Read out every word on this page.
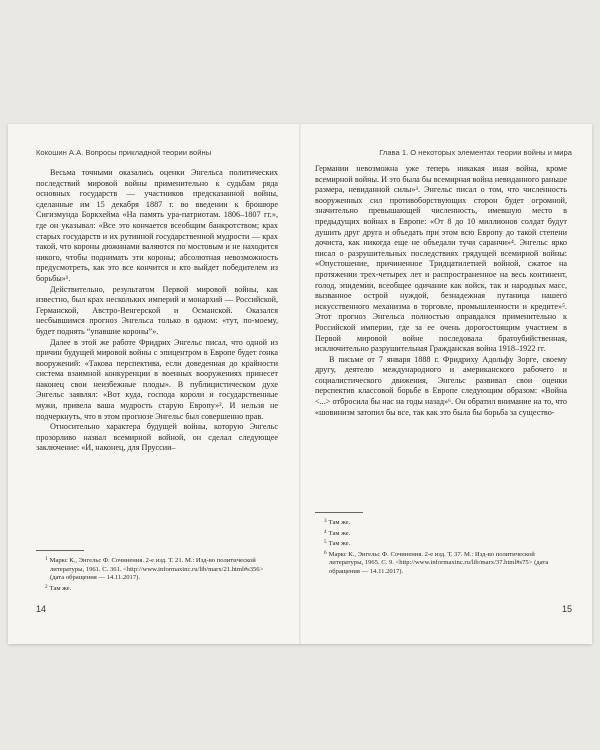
Кокошин А.А. Вопросы прикладной теории войны

Весьма точными оказались оценки Энгельса политических последствий мировой войны применительно к судьбам ряда основных государств — участников предсказанной войны, сделанные им 15 декабря 1887 г. во введении к брошюре Сигизмунда Боркхейма «На память ура-патриотам. 1806–1807 гг.», где он указывал: «Все это кончается всеобщим банкротством; крах старых государств и их рутинной государственной мудрости — крах такой, что короны дюжинами валяются по мостовым и не находится никого, чтобы поднимать эти короны; абсолютная невозможность предусмотреть, как это все кончится и кто выйдет победителем из борьбы»¹.

Действительно, результатом Первой мировой войны, как известно, был крах нескольких империй и монархий — Российской, Германской, Австро-Венгерской и Османской. Оказался несбывшимся прогноз Энгельса только в одном: «тут, по-моему, будет поднять “упавшие короны”».

Далее в этой же работе Фридрих Энгельс писал, что одной из причин будущей мировой войны с эпицентром в Европе будет гонка вооружений: «Такова перспектива, если доведенная до крайности система взаимной конкуренции в военных вооружениях принесет наконец свои неизбежные плоды». В публицистическом духе Энгельс заявлял: «Вот куда, господа короли и государственные мужи, привела ваша мудрость старую Европу»². И нельзя не подчеркнуть, что в этом прогнозе Энгельс был совершенно прав.

Относительно характера будущей войны, которую Энгельс прозорливо назвал всемирной войной, он сделал следующее заключение: «И, наконец, для Пруссии–

$^1$ Маркс К., Энгельс Ф. Сочинения. 2-е изд. Т. 21. М.: Изд-во политической литературы, 1961. С. 361. <http://www.informaxinc.ru/lib/marx/21.html#s356> (дата обращения — 14.11.2017).

$^2$ Там же.

14
Глава 1. О некоторых элементах теории войны и мира

Германии невозможна уже теперь никакая иная война, кроме всемирной войны. И это была бы всемирная война невиданного раньше размера, невиданной силы»³. Энгельс писал о том, что численность вооруженных сил противоборствующих сторон будет огромной, значительно превышающей численность, имевшую место в предыдущих войнах в Европе: «От 8 до 10 миллионов солдат будут душить друг друга и объедать при этом всю Европу до такой степени дочиста, как никогда еще не объедали тучи саранчи»⁴. Энгельс ярко писал о разрушительных последствиях грядущей всемирной войны: «Опустошение, причиненное Тридцатилетней войной, сжатое на протяжении трех-четырех лет и распространенное на весь континент, голод, эпидемии, всеобщее одичание как войск, так и народных масс, вызванное острой нуждой, безнадежная путаница нашего искусственного механизма в торговле, промышленности и кредите»⁵. Этот прогноз Энгельса полностью оправдался применительно к Российской империи, где за ее очень дорогостоящим участием в Первой мировой войне последовала братоубийственная, исключительно разрушительная Гражданская война 1918–1922 гг.

В письме от 7 января 1888 г. Фридриху Адольфу Зорге, своему другу, деятелю международного и американского рабочего и социалистического движения, Энгельс развивал свои оценки перспектив классовой борьбе в Европе следующим образом: «Война <...> отбросила бы нас на годы назад»⁶. Он обратил внимание на то, что «шовинизм затопил бы все, так как это была бы борьба за существо-

$^3$ Там же.

$^4$ Там же.

$^5$ Там же.

$^6$ Маркс К., Энгельс Ф. Сочинения. 2-е изд. Т. 37. М.: Изд-во политической литературы, 1965. С. 9. <http://www.informaxinc.ru/lib/marx/37.html#s75> (дата обращения — 14.11.2017).

15
